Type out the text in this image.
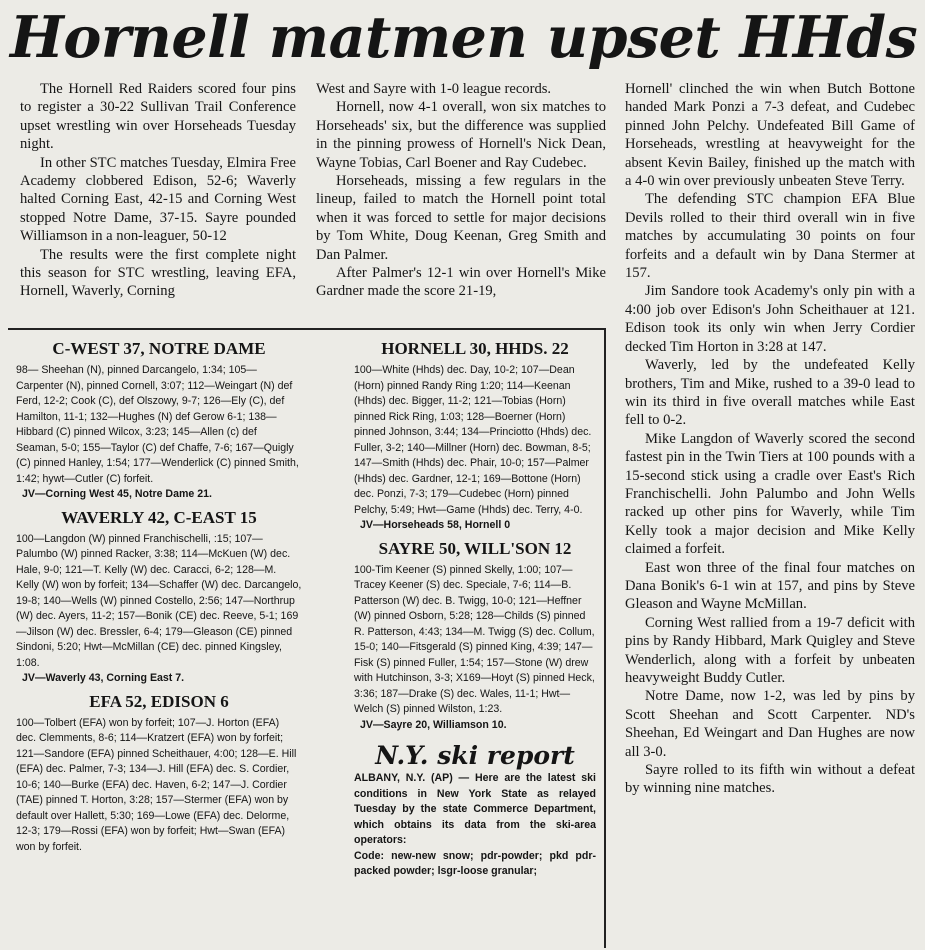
Hornell matmen upset HHds

The Hornell Red Raiders scored four pins to register a 30-22 Sullivan Trail Conference upset wrestling win over Horseheads Tuesday night.

In other STC matches Tuesday, Elmira Free Academy clobbered Edison, 52-6; Waverly halted Corning East, 42-15 and Corning West stopped Notre Dame, 37-15. Sayre pounded Williamson in a non-leaguer, 50-12

The results were the first complete night this season for STC wrestling, leaving EFA, Hornell, Waverly, Corning

West and Sayre with 1-0 league records.

Hornell, now 4-1 overall, won six matches to Horseheads' six, but the difference was supplied in the pinning prowess of Hornell's Nick Dean, Wayne Tobias, Carl Boener and Ray Cudebec.

Horseheads, missing a few regulars in the lineup, failed to match the Hornell point total when it was forced to settle for major decisions by Tom White, Doug Keenan, Greg Smith and Dan Palmer.

After Palmer's 12-1 win over Hornell's Mike Gardner made the score 21-19,

Hornell' clinched the win when Butch Bottone handed Mark Ponzi a 7-3 defeat, and Cudebec pinned John Pelchy. Undefeated Bill Game of Horseheads, wrestling at heavyweight for the absent Kevin Bailey, finished up the match with a 4-0 win over previously unbeaten Steve Terry.

The defending STC champion EFA Blue Devils rolled to their third overall win in five matches by accumulating 30 points on four forfeits and a default win by Dana Stermer at 157.

Jim Sandore took Academy's only pin with a 4:00 job over Edison's John Scheithauer at 121. Edison took its only win when Jerry Cordier decked Tim Horton in 3:28 at 147.

Waverly, led by the undefeated Kelly brothers, Tim and Mike, rushed to a 39-0 lead to win its third in five overall matches while East fell to 0-2.

Mike Langdon of Waverly scored the second fastest pin in the Twin Tiers at 100 pounds with a 15-second stick using a cradle over East's Rich Franchischelli. John Palumbo and John Wells racked up other pins for Waverly, while Tim Kelly took a major decision and Mike Kelly claimed a forfeit.

East won three of the final four matches on Dana Bonik's 6-1 win at 157, and pins by Steve Gleason and Wayne McMillan.

Corning West rallied from a 19-7 deficit with pins by Randy Hibbard, Mark Quigley and Steve Wenderlich, along with a forfeit by unbeaten heavyweight Buddy Cutler.

Notre Dame, now 1-2, was led by pins by Scott Sheehan and Scott Carpenter. ND's Sheehan, Ed Weingart and Dan Hughes are now all 3-0.

Sayre rolled to its fifth win without a defeat by winning nine matches.

C-WEST 37, NOTRE DAME
98— Sheehan (N), pinned Darcangelo, 1:34; 105—Carpenter (N), pinned Cornell, 3:07; 112—Weingart (N) def Ferd, 12-2; Cook (C), def Olszowy, 9-7; 126—Ely (C), def Hamilton, 11-1; 132—Hughes (N) def Gerow 6-1; 138— Hibbard (C) pinned Wilcox, 3:23; 145—Allen (c) def Seaman, 5-0; 155—Taylor (C) def Chaffe, 7-6; 167—Quigly (C) pinned Hanley, 1:54; 177—Wenderlick (C) pinned Smith, 1:42; hywt—Cutler (C) forfeit.
JV—Corning West 45, Notre Dame 21.
WAVERLY 42, C-EAST 15
100—Langdon (W) pinned Franchischelli, :15; 107—Palumbo (W) pinned Racker, 3:38; 114—McKuen (W) dec. Hale, 9-0; 121—T. Kelly (W) dec. Caracci, 6-2; 128—M. Kelly (W) won by forfeit; 134—Schaffer (W) dec. Darcangelo, 19-8; 140—Wells (W) pinned Costello, 2:56; 147—Northrup (W) dec. Ayers, 11-2; 157—Bonik (CE) dec. Reeve, 5-1; 169—Jilson (W) dec. Bressler, 6-4; 179—Gleason (CE) pinned Sindoni, 5:20; Hwt—McMillan (CE) dec. pinned Kingsley, 1:08.
JV—Waverly 43, Corning East 7.
EFA 52, EDISON 6
100—Tolbert (EFA) won by forfeit; 107—J. Horton (EFA) dec. Clemments, 8-6; 114—Kratzert (EFA) won by forfeit; 121—Sandore (EFA) pinned Scheithauer, 4:00; 128—E. Hill (EFA) dec. Palmer, 7-3; 134—J. Hill (EFA) dec. S. Cordier, 10-6; 140—Burke (EFA) dec. Haven, 6-2; 147—J. Cordier (TAE) pinned T. Horton, 3:28; 157—Stermer (EFA) won by default over Hallett, 5:30; 169—Lowe (EFA) dec. Delorme, 12-3; 179—Rossi (EFA) won by forfeit; Hwt—Swan (EFA) won by forfeit.
HORNELL 30, HHDS. 22
100—White (Hhds) dec. Day, 10-2; 107—Dean (Horn) pinned Randy Ring 1:20; 114—Keenan (Hhds) dec. Bigger, 11-2; 121—Tobias (Horn) pinned Rick Ring, 1:03; 128—Boerner (Horn) pinned Johnson, 3:44; 134—Princiotto (Hhds) dec. Fuller, 3-2; 140—Millner (Horn) dec. Bowman, 8-5; 147—Smith (Hhds) dec. Phair, 10-0; 157—Palmer (Hhds) dec. Gardner, 12-1; 169—Bottone (Horn) dec. Ponzi, 7-3; 179—Cudebec (Horn) pinned Pelchy, 5:49; Hwt—Game (Hhds) dec. Terry, 4-0.
JV—Horseheads 58, Hornell 0
SAYRE 50, WILL'SON 12
100-Tim Keener (S) pinned Skelly, 1:00; 107—Tracey Keener (S) dec. Speciale, 7-6; 114—B. Patterson (W) dec. B. Twigg, 10-0; 121—Heffner (W) pinned Osborn, 5:28; 128—Childs (S) pinned R. Patterson, 4:43; 134—M. Twigg (S) dec. Collum, 15-0; 140—Fitsgerald (S) pinned King, 4:39; 147—Fisk (S) pinned Fuller, 1:54; 157—Stone (W) drew with Hutchinson, 3-3; X169—Hoyt (S) pinned Heck, 3:36; 187—Drake (S) dec. Wales, 11-1; Hwt—Welch (S) pinned Wilston, 1:23.
JV—Sayre 20, Williamson 10.
N.Y. ski report
ALBANY, N.Y. (AP) — Here are the latest ski conditions in New York State as relayed Tuesday by the state Commerce Department, which obtains its data from the ski-area operators:
Code: new-new snow; pdr-powder; pkd pdr-packed powder; lsgr-loose granular;
